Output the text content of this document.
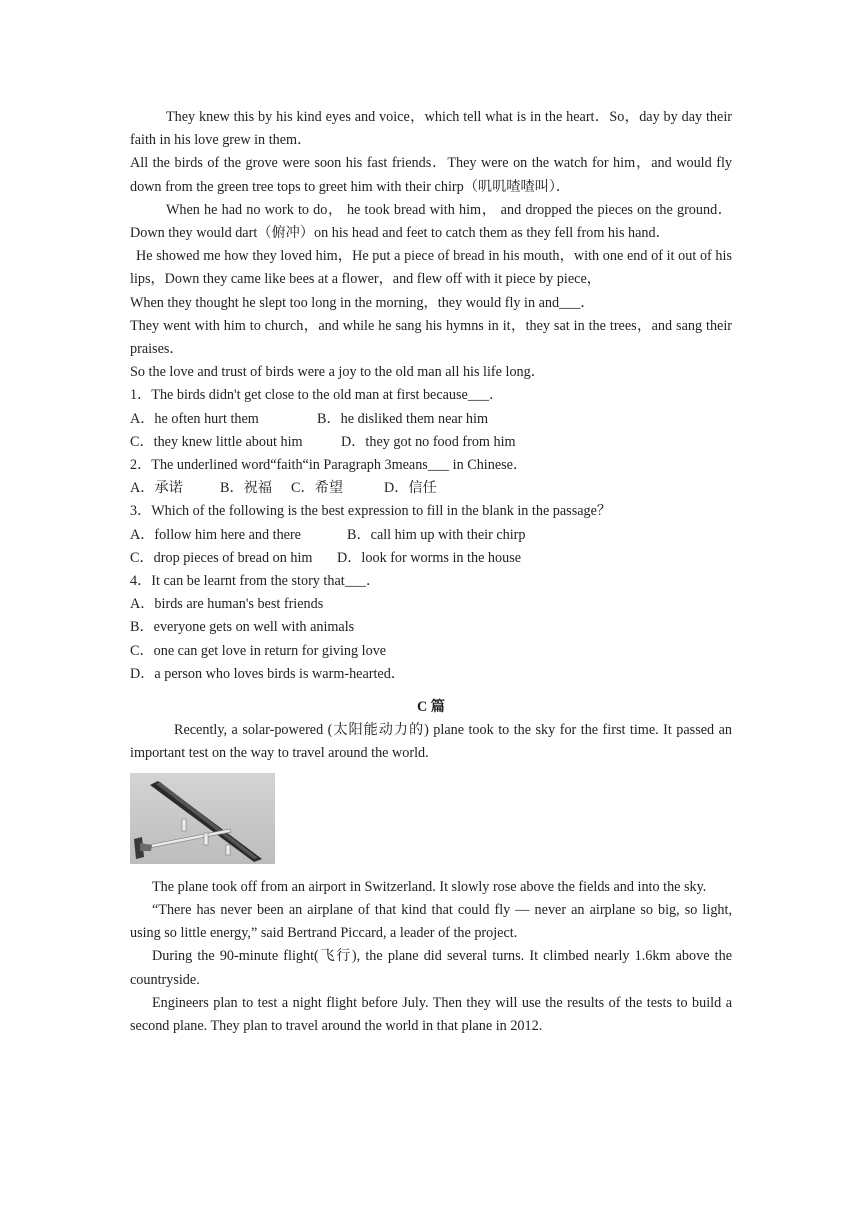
They knew this by his kind eyes and voice，which tell what is in the heart．So，day by day their faith in his love grew in them．

All the birds of the grove were soon his fast friends．They were on the watch for him，and would fly down from the green tree tops to greet him with their chirp（叽叽喳喳叫）．

When he had no work to do， he took bread with him， and dropped the pieces on the ground．Down they would dart（俯冲）on his head and feet to catch them as they fell from his hand．

He showed me how they loved him，He put a piece of bread in his mouth，with one end of it out of his lips，Down they came like bees at a flower，and flew off with it piece by piece，

When they thought he slept too long in the morning，they would fly in and___．

They went with him to church，and while he sang his hymns in it，they sat in the trees，and sang their praises．

So the love and trust of birds were a joy to the old man all his life long．

1．The birds didn't get close to the old man at first because___．

A．he often hurt them	B．he disliked them near him
C．they knew little about him	D．they got no food from him

2．The underlined word“faith“in Paragraph 3means___ in Chinese．

A．承诺	B．祝福	C．希望	D．信任

3．Which of the following is the best expression to fill in the blank in the passage？

A．follow him here and there	B．call him up with their chirp
C．drop pieces of bread on him	D．look for worms in the house

4．It can be learnt from the story that___．

A．birds are human's best friends

B．everyone gets on well with animals

C．one can get love in return for giving love

D．a person who loves birds is warm-hearted．

C 篇

Recently, a solar-powered (太阳能动力的) plane took to the sky for the first time. It passed an important test on the way to travel around the world.

The plane took off from an airport in Switzerland. It slowly rose above the fields and into the sky.

“There has never been an airplane of that kind that could fly — never an airplane so big, so light, using so little energy,” said Bertrand Piccard, a leader of the project.

During the 90-minute flight(飞行), the plane did several turns. It climbed nearly 1.6km above the countryside.

Engineers plan to test a night flight before July. Then they will use the results of the tests to build a second plane. They plan to travel around the world in that plane in 2012.
